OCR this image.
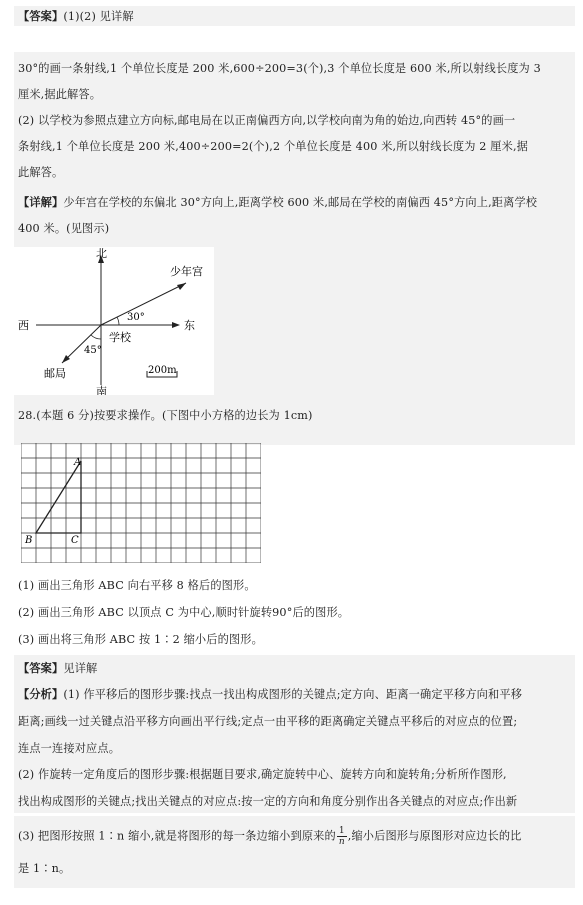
【答案】(1)(2) 见详解
30°的画一条射线,1 个单位长度是 200 米,600÷200=3(个),3 个单位长度是 600 米,所以射线长度为 3
厘米,据此解答。
(2) 以学校为参照点建立方向标,邮电局在以正南偏西方向,以学校向南为角的始边,向西转 45°的画一
条射线,1 个单位长度是 200 米,400÷200=2(个),2 个单位长度是 400 米,所以射线长度为 2 厘米,据
此解答。
【详解】少年宫在学校的东偏北 30°方向上,距离学校 600 米,邮局在学校的南偏西 45°方向上,距离学校
400 米。(见图示)
北
南
西	东
少年宫
学校
邮局
30°
45°
200m
28.(本题 6 分)按要求操作。(下图中小方格的边长为 1cm)
A
B	C
(1) 画出三角形 ABC 向右平移 8 格后的图形。
(2) 画出三角形 ABC 以顶点 C 为中心,顺时针旋转90°后的图形。
(3) 画出将三角形 ABC 按 1∶2 缩小后的图形。
【答案】见详解
【分析】(1) 作平移后的图形步骤:找点一找出构成图形的关键点;定方向、距离一确定平移方向和平移
距离;画线一过关键点沿平移方向画出平行线;定点一由平移的距离确定关键点平移后的对应点的位置;
连点一连接对应点。
(2) 作旋转一定角度后的图形步骤:根据题目要求,确定旋转中心、旋转方向和旋转角;分析所作图形,
找出构成图形的关键点;找出关键点的对应点:按一定的方向和角度分别作出各关键点的对应点;作出新
(3) 把图形按照 1∶n 缩小,就是将图形的每一条边缩小到原来的 $\frac{1}{n}$ ,缩小后图形与原图形对应边长的比
是 1∶n。
